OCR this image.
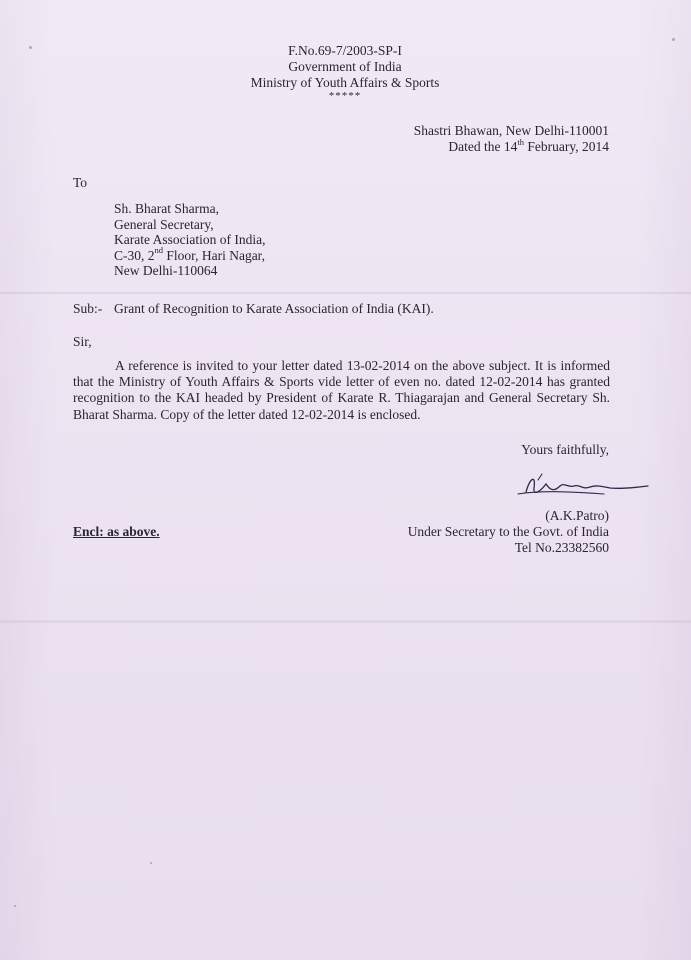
F.No.69-7/2003-SP-I
Government of India
Ministry of Youth Affairs & Sports
*****
Shastri Bhawan, New Delhi-110001
Dated the 14th February, 2014
To
Sh. Bharat Sharma,
General Secretary,
Karate Association of India,
C-30, 2nd Floor, Hari Nagar,
New Delhi-110064
Sub:- Grant of Recognition to Karate Association of India (KAI).
Sir,
A reference is invited to your letter dated 13-02-2014 on the above subject. It is informed that the Ministry of Youth Affairs & Sports vide letter of even no. dated 12-02-2014 has granted recognition to the KAI headed by President of Karate R. Thiagarajan and General Secretary Sh. Bharat Sharma. Copy of the letter dated 12-02-2014 is enclosed.
Yours faithfully,
(A.K.Patro)
Under Secretary to the Govt. of India
Tel No.23382560
Encl: as above.
